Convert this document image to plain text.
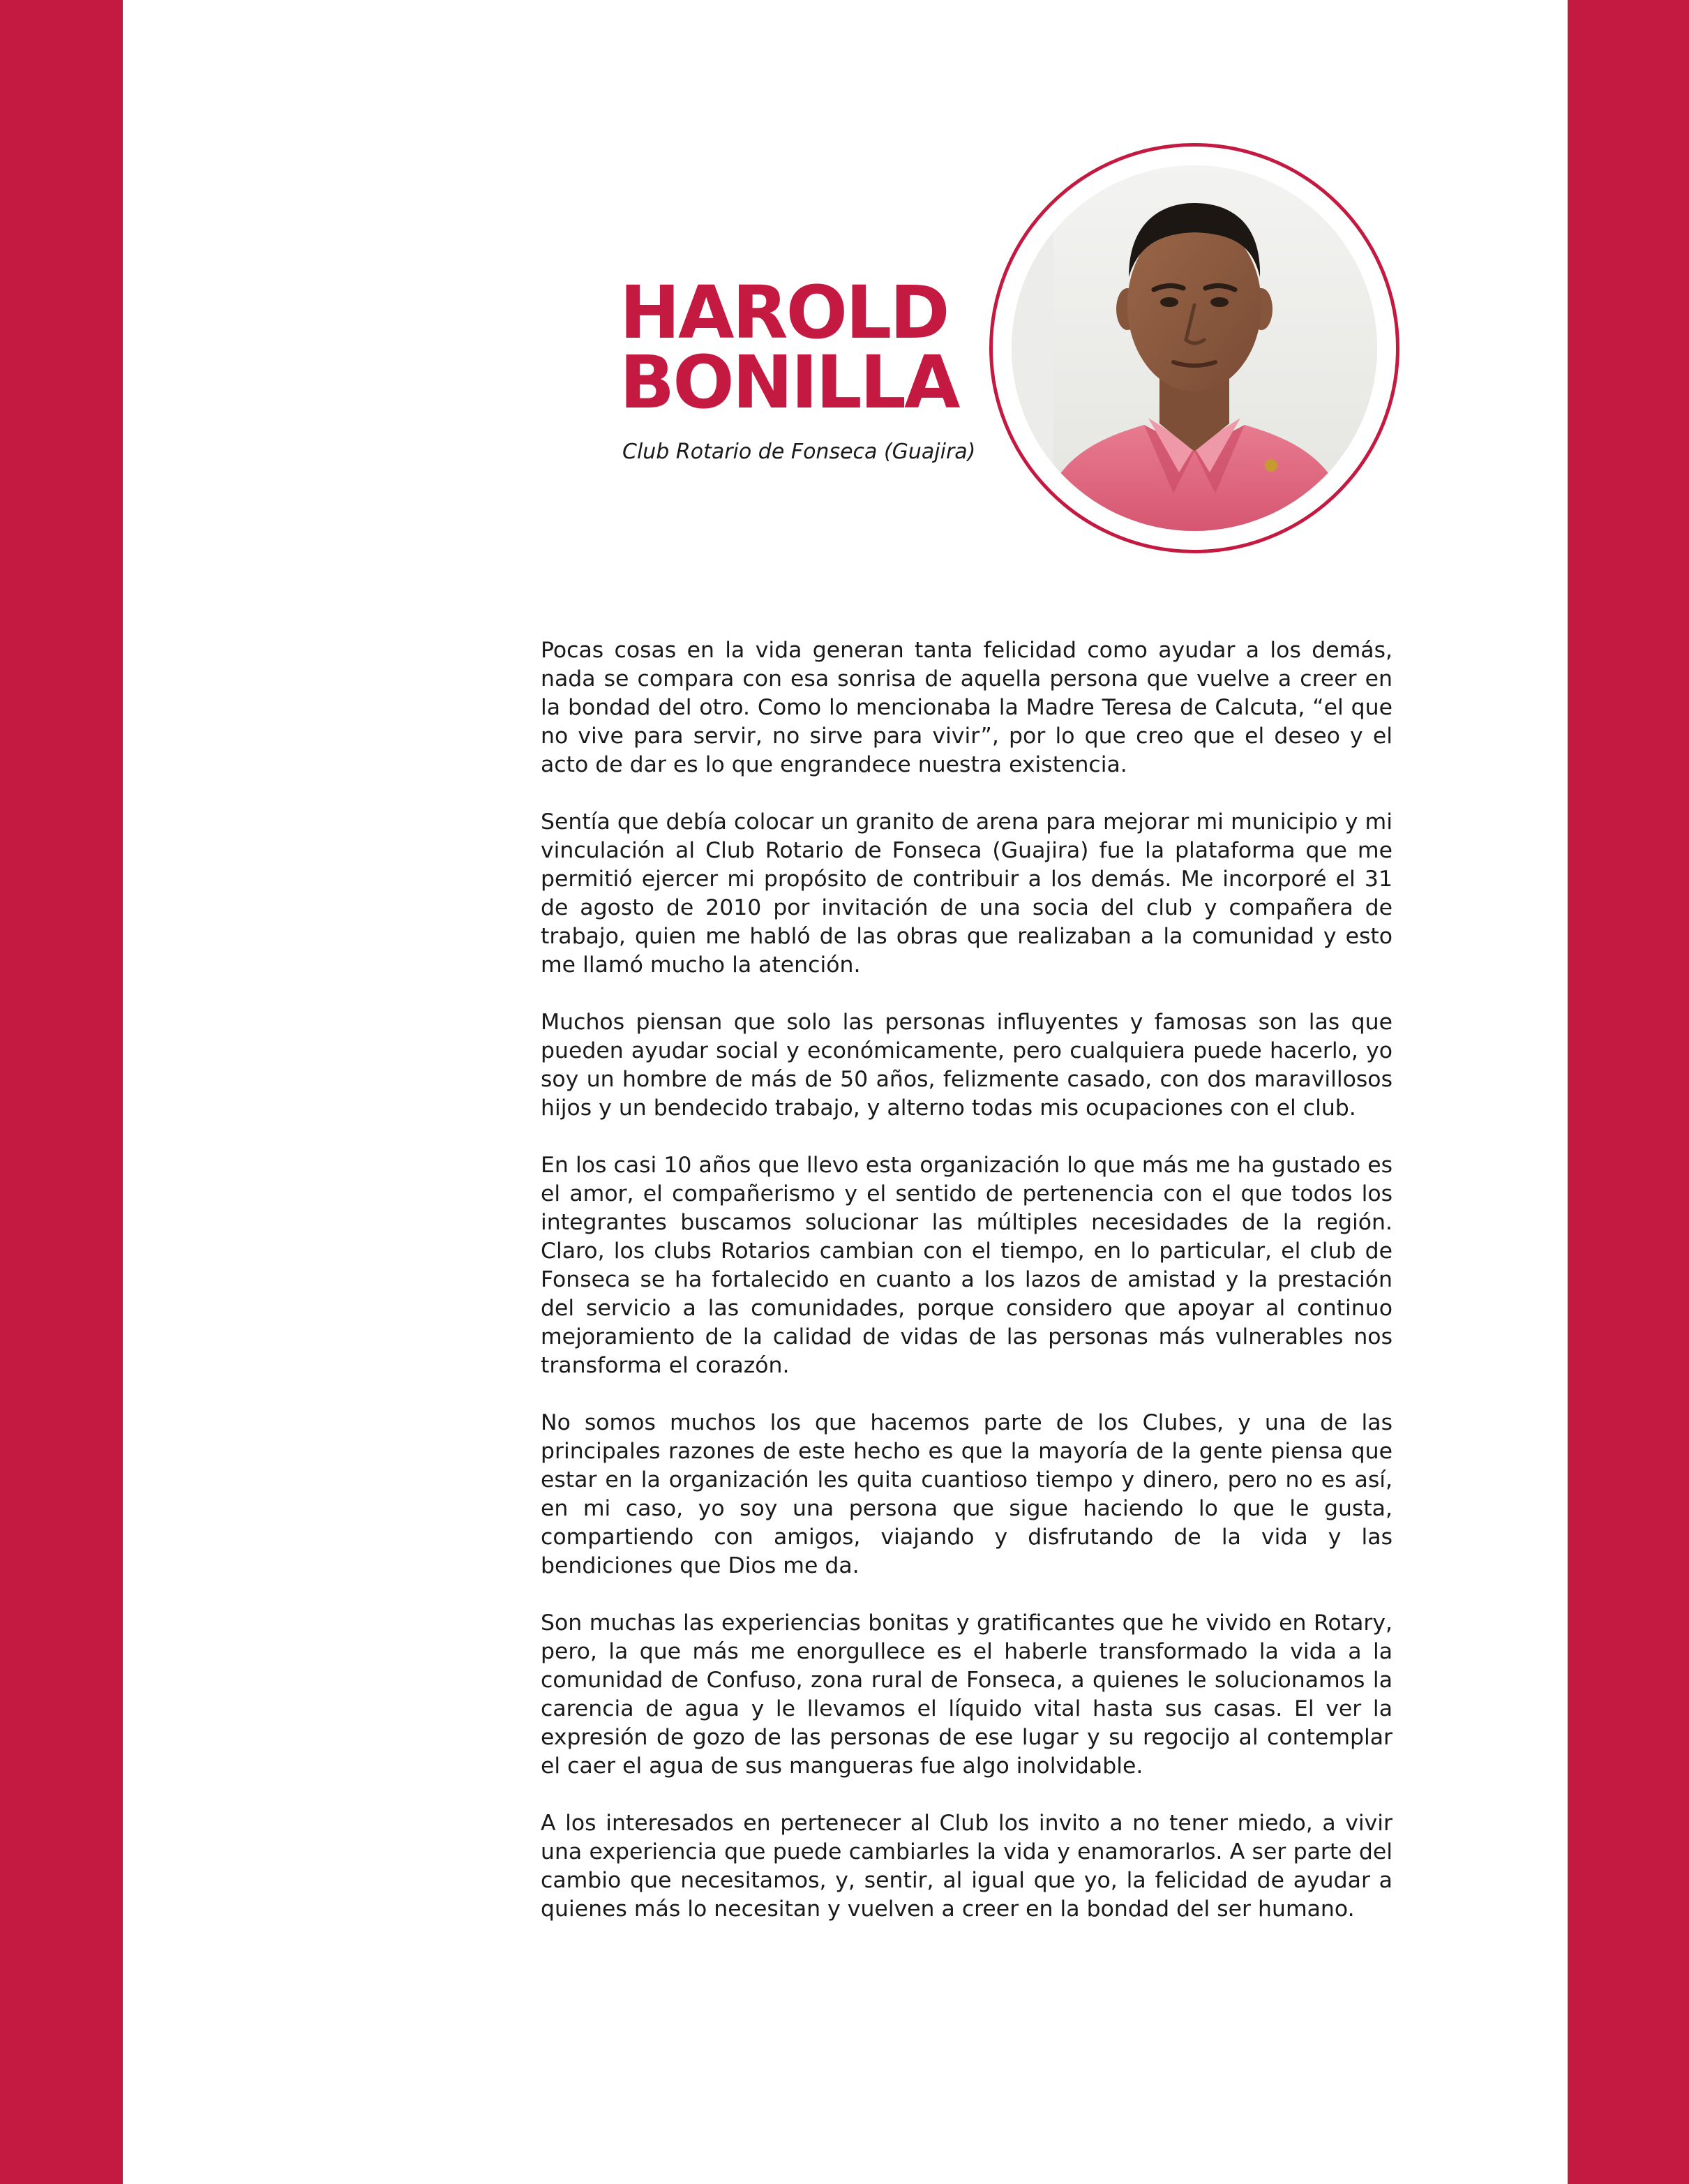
HAROLD
BONILLA

Club Rotario de Fonseca (Guajira)

Pocas cosas en la vida generan tanta felicidad como ayudar a los demás, nada se compara con esa sonrisa de aquella persona que vuelve a creer en la bondad del otro. Como lo mencionaba la Madre Teresa de Calcuta, “el que no vive para servir, no sirve para vivir”, por lo que creo que el deseo y el acto de dar es lo que engrandece nuestra existencia.

Sentía que debía colocar un granito de arena para mejorar mi municipio y mi vinculación al Club Rotario de Fonseca (Guajira) fue la plataforma que me permitió ejercer mi propósito de contribuir a los demás. Me incorporé el 31 de agosto de 2010 por invitación de una socia del club y compañera de trabajo, quien me habló de las obras que realizaban a la comunidad y esto me llamó mucho la atención.

Muchos piensan que solo las personas influyentes y famosas son las que pueden ayudar social y económicamente, pero cualquiera puede hacerlo, yo soy un hombre de más de 50 años, felizmente casado, con dos maravillosos hijos y un bendecido trabajo, y alterno todas mis ocupaciones con el club.

En los casi 10 años que llevo esta organización lo que más me ha gustado es el amor, el compañerismo y el sentido de pertenencia con el que todos los integrantes buscamos solucionar las múltiples necesidades de la región. Claro, los clubs Rotarios cambian con el tiempo, en lo particular, el club de Fonseca se ha fortalecido en cuanto a los lazos de amistad y la prestación del servicio a las comunidades, porque considero que apoyar al continuo mejoramiento de la calidad de vidas de las personas más vulnerables nos transforma el corazón.

No somos muchos los que hacemos parte de los Clubes, y una de las principales razones de este hecho es que la mayoría de la gente piensa que estar en la organización les quita cuantioso tiempo y dinero, pero no es así, en mi caso, yo soy una persona que sigue haciendo lo que le gusta, compartiendo con amigos, viajando y disfrutando de la vida y las bendiciones que Dios me da.

Son muchas las experiencias bonitas y gratificantes que he vivido en Rotary, pero, la que más me enorgullece es el haberle transformado la vida a la comunidad de Confuso, zona rural de Fonseca, a quienes le solucionamos la carencia de agua y le llevamos el líquido vital hasta sus casas. El ver la expresión de gozo de las personas de ese lugar y su regocijo al contemplar el caer el agua de sus mangueras fue algo inolvidable.

A los interesados en pertenecer al Club los invito a no tener miedo, a vivir una experiencia que puede cambiarles la vida y enamorarlos. A ser parte del cambio que necesitamos, y, sentir, al igual que yo, la felicidad de ayudar a quienes más lo necesitan y vuelven a creer en la bondad del ser humano.
